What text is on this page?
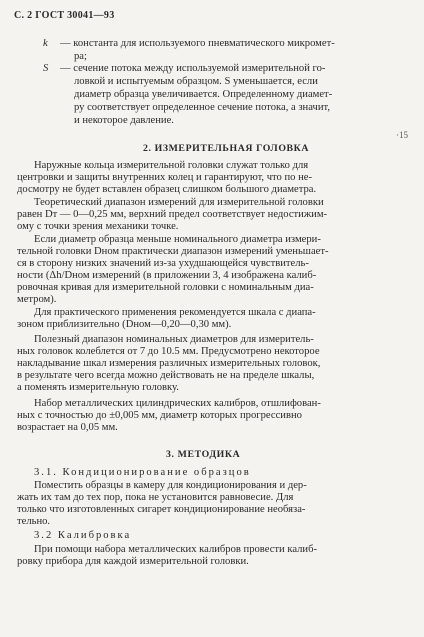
С. 2 ГОСТ 30041—93
k — константа для используемого пневматического микромет-
ра;
S — сечение потока между используемой измерительной го-
ловкой и испытуемым образцом. S уменьшается, если
диаметр образца увеличивается. Определенному диамет-
ру соответствует определенное сечение потока, а значит,
и некоторое давление.
·15
2. ИЗМЕРИТЕЛЬНАЯ ГОЛОВКА
Наружные кольца измерительной головки служат только для
центровки и защиты внутренних колец и гарантируют, что по не-
досмотру не будет вставлен образец слишком большого диаметра.
Теоретический диапазон измерений для измерительной головки
равен Dт — 0—0,25 мм, верхний предел соответствует недостижим-
ому с точки зрения механики точке.
Если диаметр образца меньше номинального диаметра измери-
тельной головки Dном практически диапазон измерений уменьшает-
ся в сторону низких значений из-за ухудшающейся чувствитель-
ности (Δh/Dном измерений (в приложении 3, 4 изображена калиб-
ровочная кривая для измерительной головки с номинальным диа-
метром).
Для практического применения рекомендуется шкала с диапа-
зоном приблизительно (Dном—0,20—0,30 мм).
Полезный диапазон номинальных диаметров для измеритель-
ных головок колеблется от 7 до 10.5 мм. Предусмотрено некоторое
накладывание шкал измерения различных измерительных головок,
в результате чего всегда можно действовать не на пределе шкалы,
а поменять измерительную головку.
Набор металлических цилиндрических калибров, отшлифован-
ных с точностью до ±0,005 мм, диаметр которых прогрессивно
возрастает на 0,05 мм.
3. МЕТОДИКА
3.1. Кондиционирование образцов
Поместить образцы в камеру для кондиционирования и дер-
жать их там до тех пор, пока не установится равновесие. Для
только что изготовленных сигарет кондиционирование необяза-
тельно.
3.2 Калибровка
При помощи набора металлических калибров провести калиб-
ровку прибора для каждой измерительной головки.
